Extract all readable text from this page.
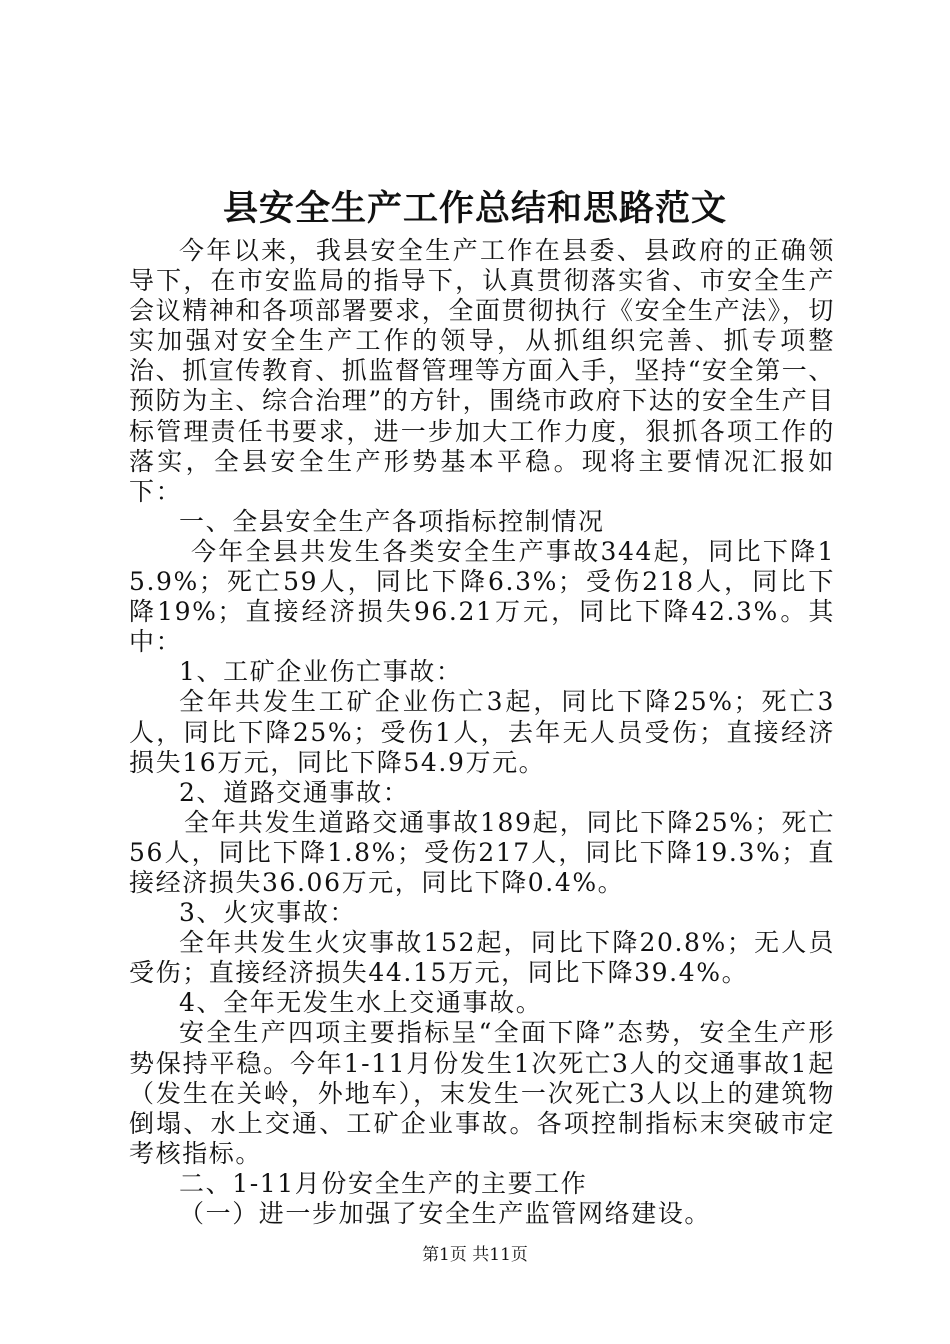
县安全生产工作总结和思路范文

今年以来，我县安全生产工作在县委、县政府的正确领导下，在市安监局的指导下，认真贯彻落实省、市安全生产会议精神和各项部署要求，全面贯彻执行《安全生产法》，切实加强对安全生产工作的领导，从抓组织完善、抓专项整治、抓宣传教育、抓监督管理等方面入手，坚持“安全第一、预防为主、综合治理”的方针，围绕市政府下达的安全生产目标管理责任书要求，进一步加大工作力度，狠抓各项工作的落实，全县安全生产形势基本平稳。现将主要情况汇报如下：

一、全县安全生产各项指标控制情况

今年全县共发生各类安全生产事故344起，同比下降15.9%；死亡59人，同比下降6.3%；受伤218人，同比下降19%；直接经济损失96.21万元，同比下降42.3%。其中：

1、工矿企业伤亡事故：

全年共发生工矿企业伤亡3起，同比下降25%；死亡3人，同比下降25%；受伤1人，去年无人员受伤；直接经济损失16万元，同比下降54.9万元。

2、道路交通事故：

全年共发生道路交通事故189起，同比下降25%；死亡56人，同比下降1.8%；受伤217人，同比下降19.3%；直接经济损失36.06万元，同比下降0.4%。

3、火灾事故：

全年共发生火灾事故152起，同比下降20.8%；无人员受伤；直接经济损失44.15万元，同比下降39.4%。

4、全年无发生水上交通事故。

安全生产四项主要指标呈“全面下降”态势，安全生产形势保持平稳。今年1-11月份发生1次死亡3人的交通事故1起（发生在关岭，外地车），末发生一次死亡3人以上的建筑物倒塌、水上交通、工矿企业事故。各项控制指标末突破市定考核指标。

二、1-11月份安全生产的主要工作

（一）进一步加强了安全生产监管网络建设。

第1页 共11页
